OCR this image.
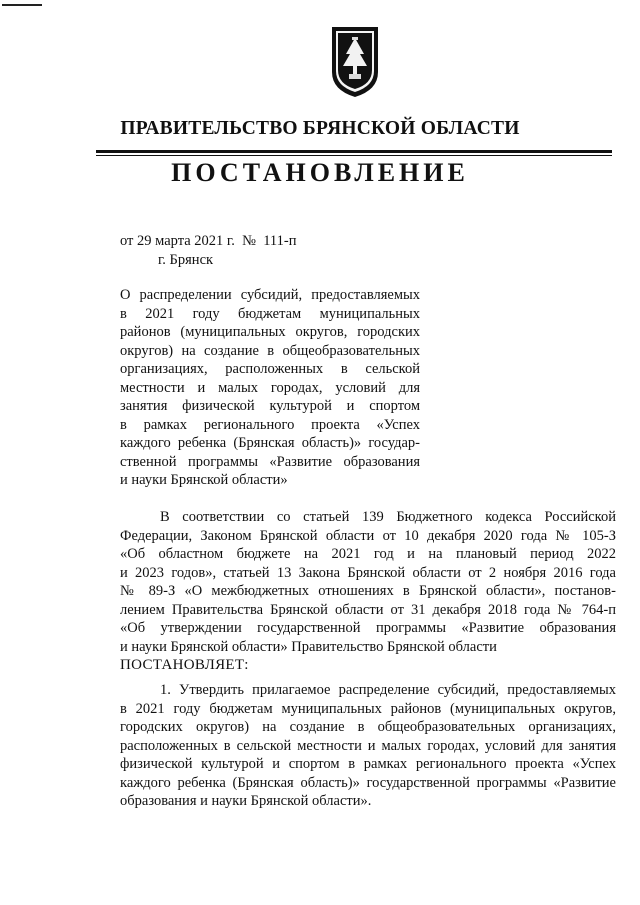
ПРАВИТЕЛЬСТВО БРЯНСКОЙ ОБЛАСТИ
ПОСТАНОВЛЕНИЕ
от 29 марта 2021 г.  №  111-п
г. Брянск
О распределении субсидий, предоставляемых
в 2021 году бюджетам муниципальных
районов (муниципальных округов, городских
округов) на создание в общеобразовательных
организациях, расположенных в сельской
местности и малых городах, условий для
занятия физической культурой и спортом
в рамках регионального проекта «Успех
каждого ребенка (Брянская область)» государ-
ственной программы «Развитие образования
и науки Брянской области»
В соответствии со статьей 139 Бюджетного кодекса Российской
Федерации, Законом Брянской области от 10 декабря 2020 года № 105-З
«Об областном бюджете на 2021 год и на плановый период 2022
и 2023 годов», статьей 13 Закона Брянской области от 2 ноября 2016 года
№ 89-З «О межбюджетных отношениях в Брянской области», постанов-
лением Правительства Брянской области от 31 декабря 2018 года № 764-п
«Об утверждении государственной программы «Развитие образования
и науки Брянской области» Правительство Брянской области
ПОСТАНОВЛЯЕТ:
1. Утвердить прилагаемое распределение субсидий, предоставляемых
в 2021 году бюджетам муниципальных районов (муниципальных округов,
городских округов) на создание в общеобразовательных организациях,
расположенных в сельской местности и малых городах, условий для занятия
физической культурой и спортом в рамках регионального проекта «Успех
каждого ребенка (Брянская область)» государственной программы «Развитие
образования и науки Брянской области».
